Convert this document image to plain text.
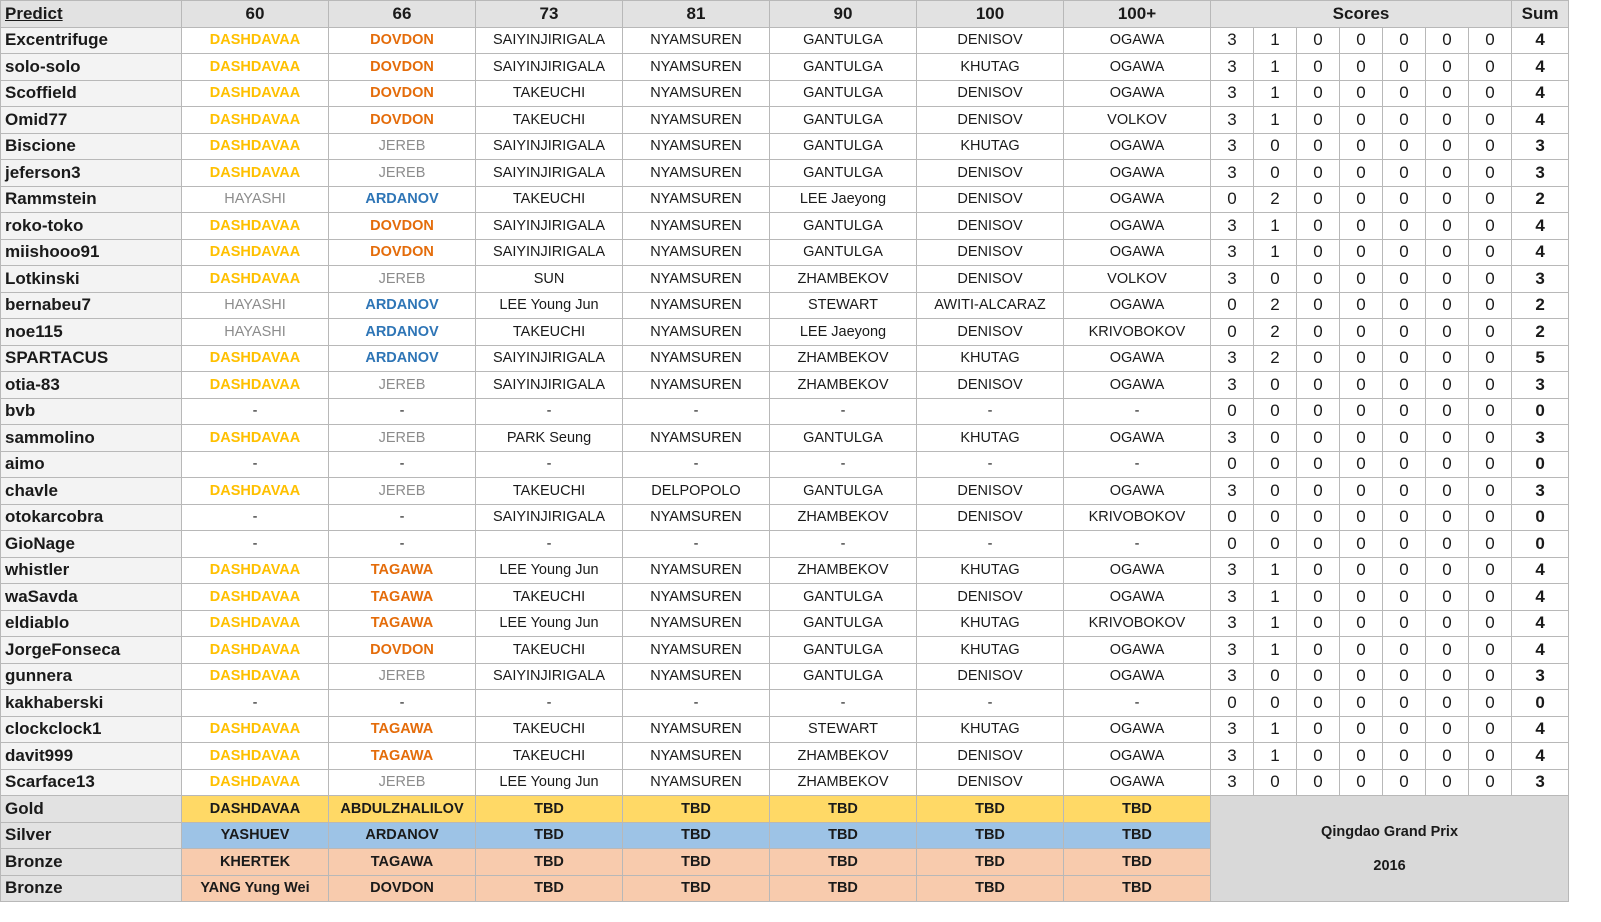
Predict	60	66	73	81	90	100	100+	Scores							Sum
Excentrifuge	DASHDAVAA	DOVDON	SAIYINJIRIGALA	NYAMSUREN	GANTULGA	DENISOV	OGAWA	3	1	0	0	0	0	0	4
solo-solo	DASHDAVAA	DOVDON	SAIYINJIRIGALA	NYAMSUREN	GANTULGA	KHUTAG	OGAWA	3	1	0	0	0	0	0	4
Scoffield	DASHDAVAA	DOVDON	TAKEUCHI	NYAMSUREN	GANTULGA	DENISOV	OGAWA	3	1	0	0	0	0	0	4
Omid77	DASHDAVAA	DOVDON	TAKEUCHI	NYAMSUREN	GANTULGA	DENISOV	VOLKOV	3	1	0	0	0	0	0	4
Biscione	DASHDAVAA	JEREB	SAIYINJIRIGALA	NYAMSUREN	GANTULGA	KHUTAG	OGAWA	3	0	0	0	0	0	0	3
jeferson3	DASHDAVAA	JEREB	SAIYINJIRIGALA	NYAMSUREN	GANTULGA	DENISOV	OGAWA	3	0	0	0	0	0	0	3
Rammstein	HAYASHI	ARDANOV	TAKEUCHI	NYAMSUREN	LEE Jaeyong	DENISOV	OGAWA	0	2	0	0	0	0	0	2
roko-toko	DASHDAVAA	DOVDON	SAIYINJIRIGALA	NYAMSUREN	GANTULGA	DENISOV	OGAWA	3	1	0	0	0	0	0	4
miishooo91	DASHDAVAA	DOVDON	SAIYINJIRIGALA	NYAMSUREN	GANTULGA	DENISOV	OGAWA	3	1	0	0	0	0	0	4
Lotkinski	DASHDAVAA	JEREB	SUN	NYAMSUREN	ZHAMBEKOV	DENISOV	VOLKOV	3	0	0	0	0	0	0	3
bernabeu7	HAYASHI	ARDANOV	LEE Young Jun	NYAMSUREN	STEWART	AWITI-ALCARAZ	OGAWA	0	2	0	0	0	0	0	2
noe115	HAYASHI	ARDANOV	TAKEUCHI	NYAMSUREN	LEE Jaeyong	DENISOV	KRIVOBOKOV	0	2	0	0	0	0	0	2
SPARTACUS	DASHDAVAA	ARDANOV	SAIYINJIRIGALA	NYAMSUREN	ZHAMBEKOV	KHUTAG	OGAWA	3	2	0	0	0	0	0	5
otia-83	DASHDAVAA	JEREB	SAIYINJIRIGALA	NYAMSUREN	ZHAMBEKOV	DENISOV	OGAWA	3	0	0	0	0	0	0	3
bvb	-	-	-	-	-	-	-	0	0	0	0	0	0	0	0
sammolino	DASHDAVAA	JEREB	PARK Seung	NYAMSUREN	GANTULGA	KHUTAG	OGAWA	3	0	0	0	0	0	0	3
aimo	-	-	-	-	-	-	-	0	0	0	0	0	0	0	0
chavle	DASHDAVAA	JEREB	TAKEUCHI	DELPOPOLO	GANTULGA	DENISOV	OGAWA	3	0	0	0	0	0	0	3
otokarcobra	-	-	SAIYINJIRIGALA	NYAMSUREN	ZHAMBEKOV	DENISOV	KRIVOBOKOV	0	0	0	0	0	0	0	0
GioNage	-	-	-	-	-	-	-	0	0	0	0	0	0	0	0
whistler	DASHDAVAA	TAGAWA	LEE Young Jun	NYAMSUREN	ZHAMBEKOV	KHUTAG	OGAWA	3	1	0	0	0	0	0	4
waSavda	DASHDAVAA	TAGAWA	TAKEUCHI	NYAMSUREN	GANTULGA	DENISOV	OGAWA	3	1	0	0	0	0	0	4
eldiablo	DASHDAVAA	TAGAWA	LEE Young Jun	NYAMSUREN	GANTULGA	KHUTAG	KRIVOBOKOV	3	1	0	0	0	0	0	4
JorgeFonseca	DASHDAVAA	DOVDON	TAKEUCHI	NYAMSUREN	GANTULGA	KHUTAG	OGAWA	3	1	0	0	0	0	0	4
gunnera	DASHDAVAA	JEREB	SAIYINJIRIGALA	NYAMSUREN	GANTULGA	DENISOV	OGAWA	3	0	0	0	0	0	0	3
kakhaberski	-	-	-	-	-	-	-	0	0	0	0	0	0	0	0
clockclock1	DASHDAVAA	TAGAWA	TAKEUCHI	NYAMSUREN	STEWART	KHUTAG	OGAWA	3	1	0	0	0	0	0	4
davit999	DASHDAVAA	TAGAWA	TAKEUCHI	NYAMSUREN	ZHAMBEKOV	DENISOV	OGAWA	3	1	0	0	0	0	0	4
Scarface13	DASHDAVAA	JEREB	LEE Young Jun	NYAMSUREN	ZHAMBEKOV	DENISOV	OGAWA	3	0	0	0	0	0	0	3
Gold	DASHDAVAA	ABDULZHALILOV	TBD	TBD	TBD	TBD	TBD	Qingdao Grand Prix
2016							

Silver	YASHUEV	ARDANOV	TBD	TBD	TBD	TBD	TBD								
Bronze	KHERTEK	TAGAWA	TBD	TBD	TBD	TBD	TBD								
Bronze	YANG Yung Wei	DOVDON	TBD	TBD	TBD	TBD	TBD								
